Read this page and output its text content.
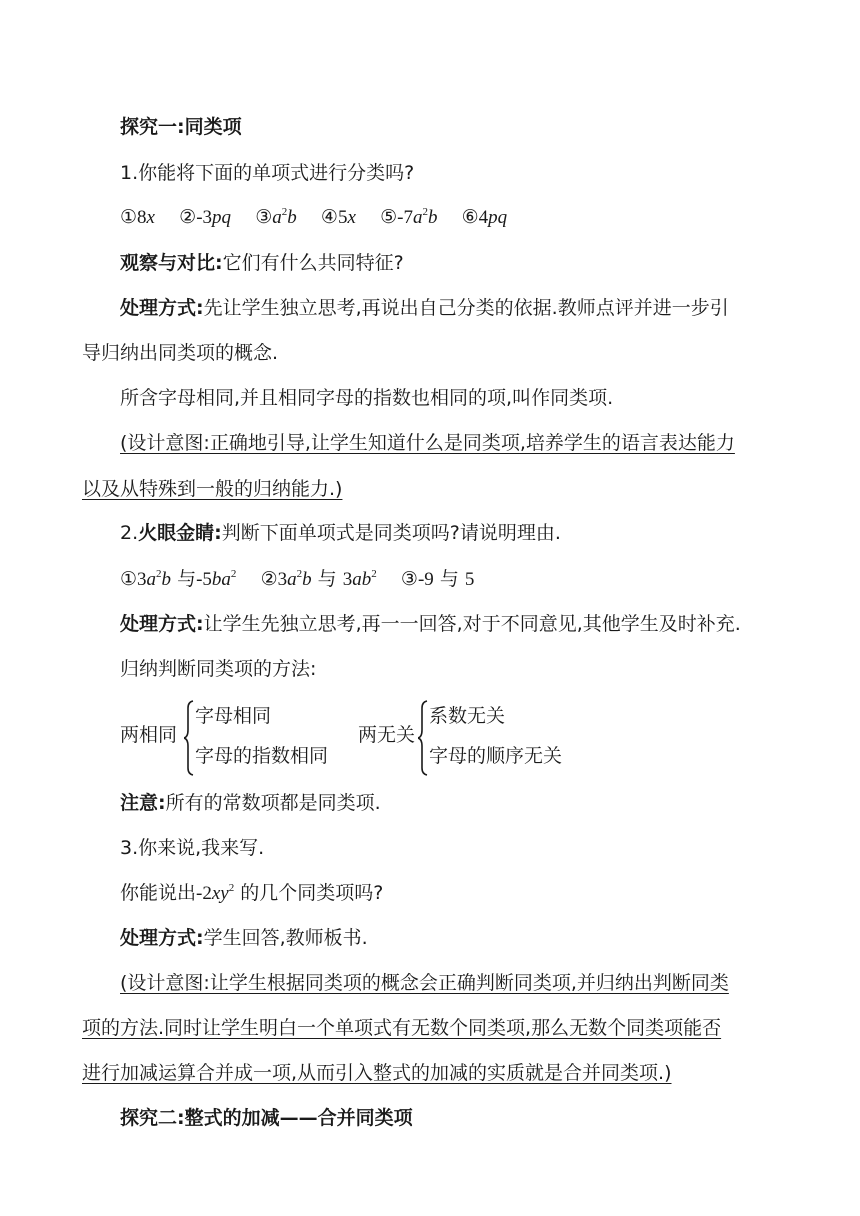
探究一:同类项
1.你能将下面的单项式进行分类吗?
①8x ②-3pq $③a^2b$ ④5x $⑤-7a^2b$ ⑥4pq
观察与对比:它们有什么共同特征?
处理方式:先让学生独立思考,再说出自己分类的依据.教师点评并进一步引
导归纳出同类项的概念.
所含字母相同,并且相同字母的指数也相同的项,叫作同类项.
(设计意图:正确地引导,让学生知道什么是同类项,培养学生的语言表达能力
以及从特殊到一般的归纳能力.)
2.火眼金睛:判断下面单项式是同类项吗?请说明理由.
$①3a^2b$ 与$-5ba^2$ $②3a^2b$ 与 $3ab^2$ ③-9 与 5
处理方式:让学生先独立思考,再一一回答,对于不同意见,其他学生及时补充.
归纳判断同类项的方法:
两相同
字母相同
字母的指数相同
两无关
系数无关
字母的顺序无关
注意:所有的常数项都是同类项.
3.你来说,我来写.
你能说出$-2xy^2$ 的几个同类项吗?
处理方式:学生回答,教师板书.
(设计意图:让学生根据同类项的概念会正确判断同类项,并归纳出判断同类
项的方法.同时让学生明白一个单项式有无数个同类项,那么无数个同类项能否
进行加减运算合并成一项,从而引入整式的加减的实质就是合并同类项.)
探究二:整式的加减——合并同类项
